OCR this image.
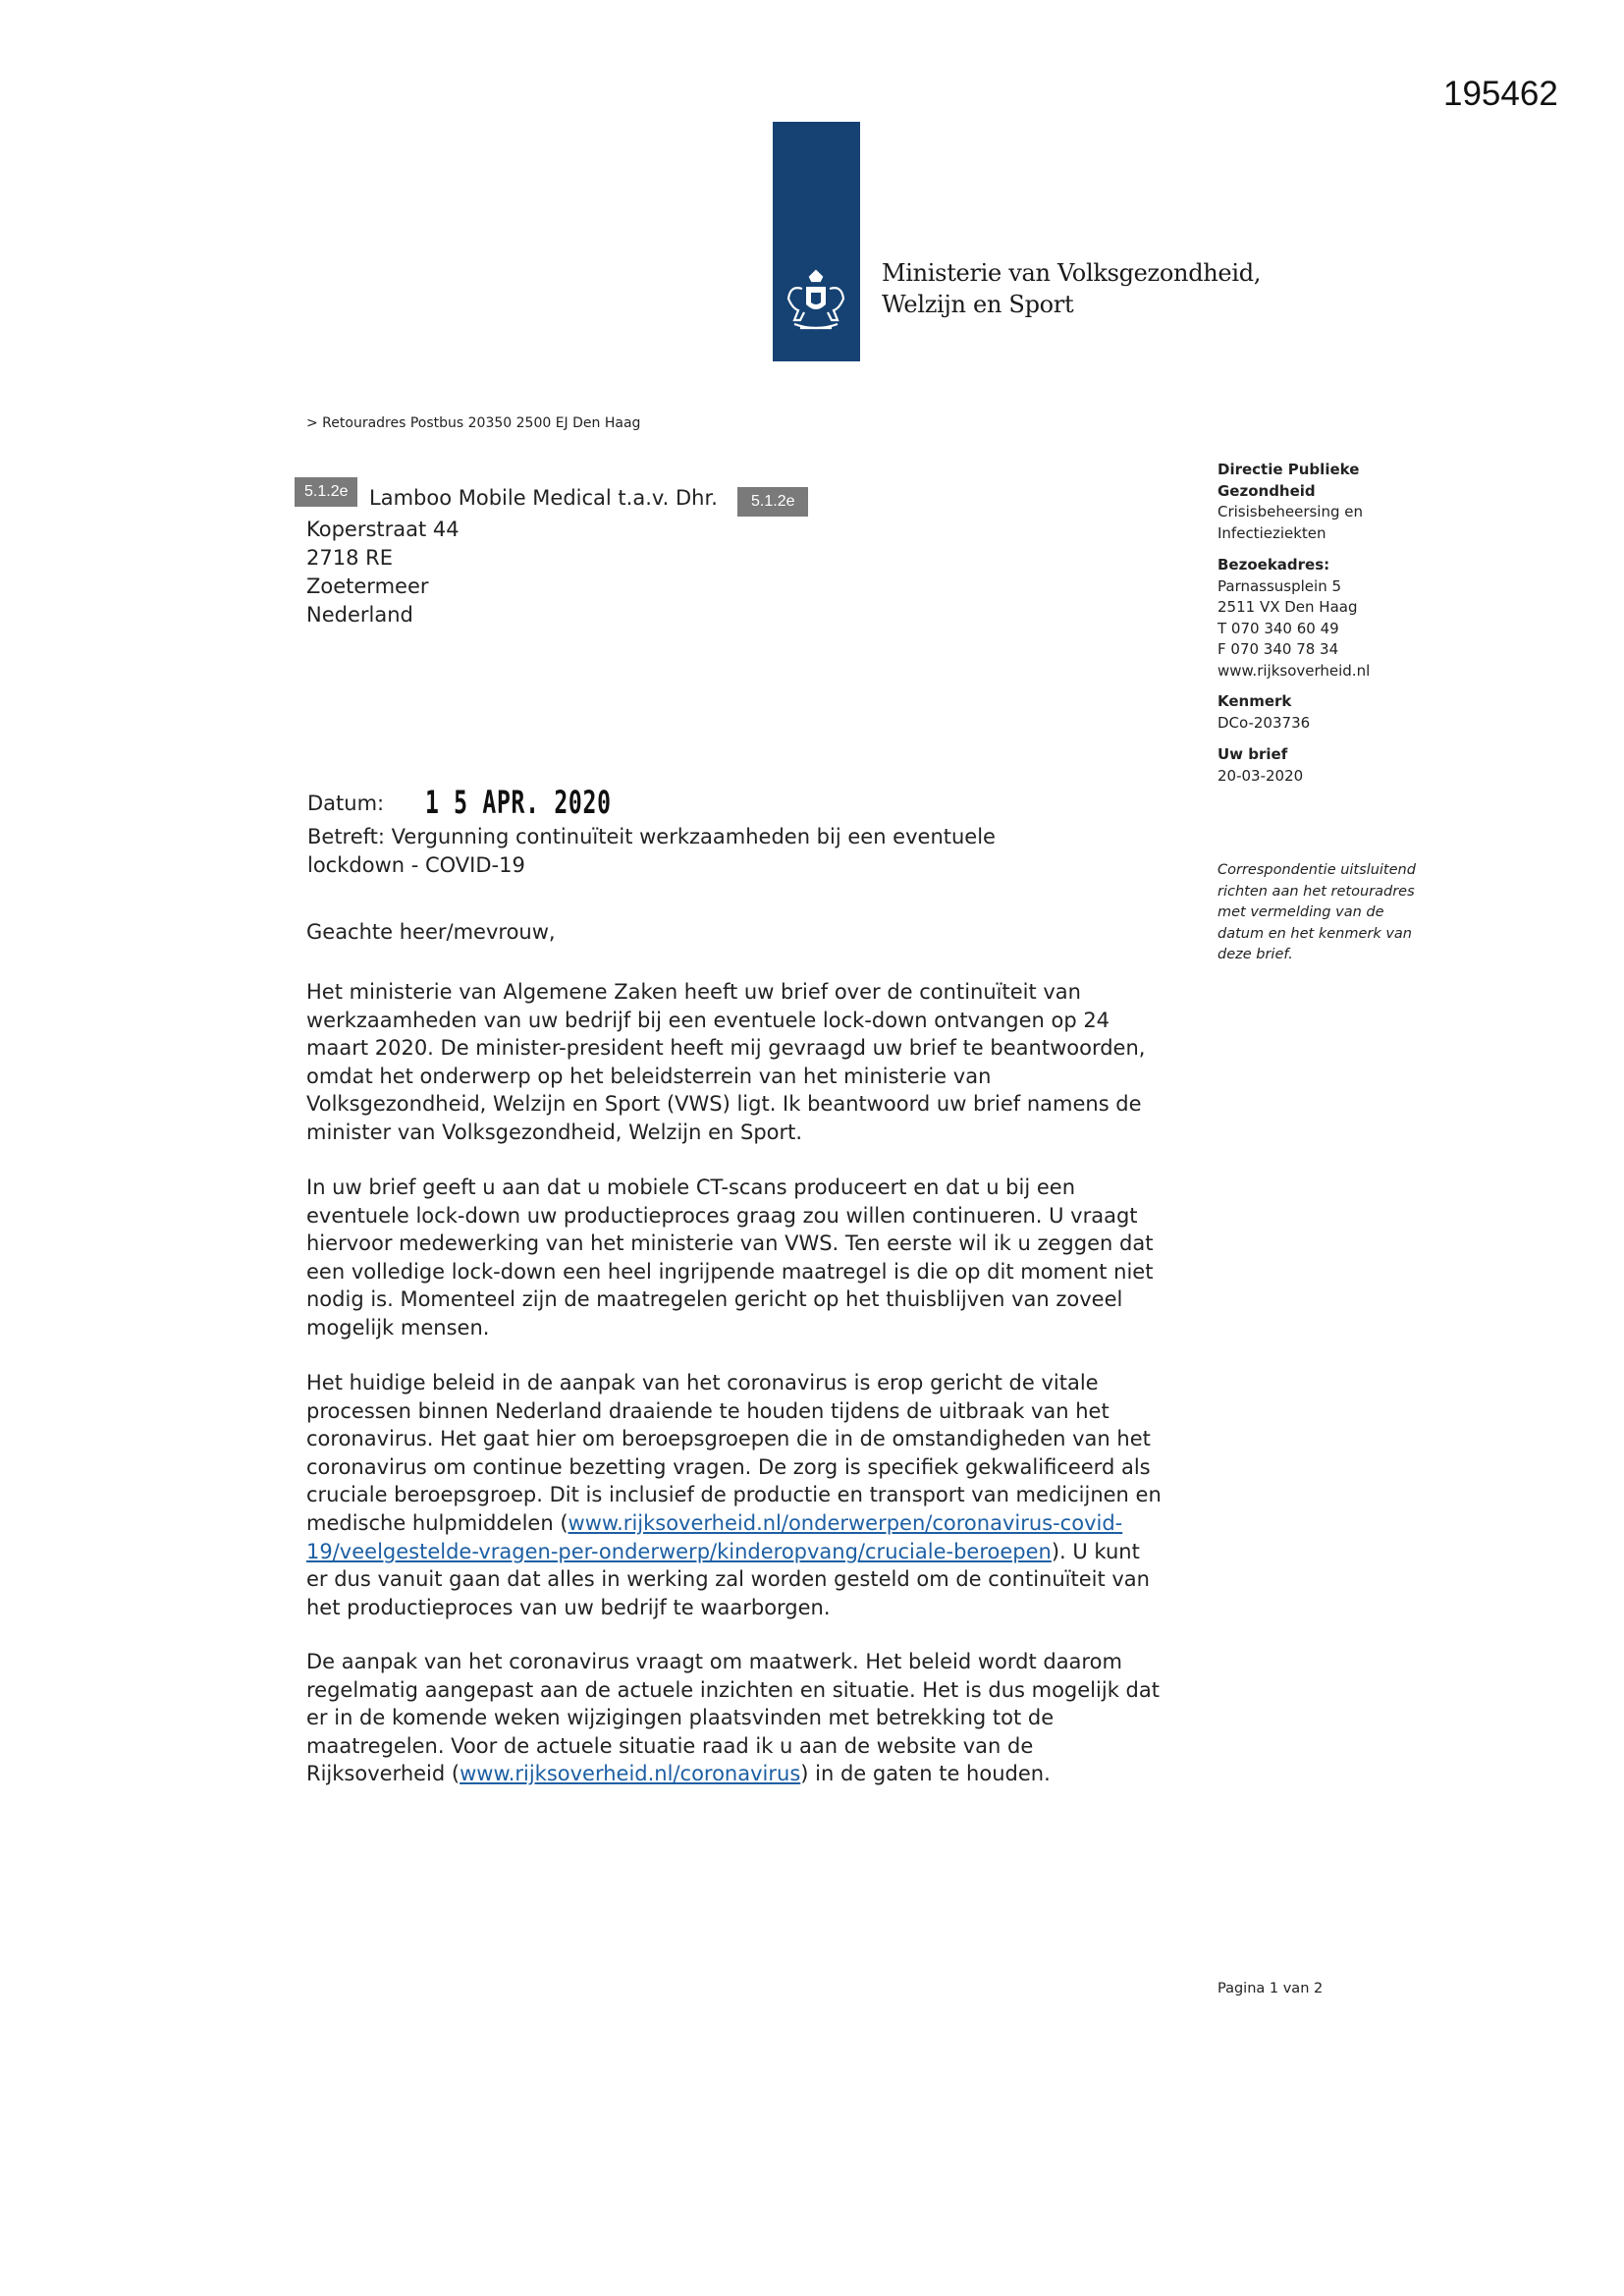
195462
Ministerie van Volksgezondheid,
Welzijn en Sport
> Retouradres Postbus 20350 2500 EJ Den Haag
5.1.2e	Lamboo Mobile Medical t.a.v. Dhr.	5.1.2e
Koperstraat 44
2718 RE
Zoetermeer
Nederland
Directie Publieke
Gezondheid
Crisisbeheersing en
Infectieziekten
Bezoekadres:
Parnassusplein 5
2511 VX Den Haag
T 070 340 60 49
F 070 340 78 34
www.rijksoverheid.nl
Kenmerk
DCo-203736
Uw brief
20-03-2020
Correspondentie uitsluitend
richten aan het retouradres
met vermelding van de
datum en het kenmerk van
deze brief.
Datum: 1 5 APR. 2020
Betreft: Vergunning continuïteit werkzaamheden bij een eventuele
lockdown - COVID-19
Geachte heer/mevrouw,
Het ministerie van Algemene Zaken heeft uw brief over de continuïteit van
werkzaamheden van uw bedrijf bij een eventuele lock-down ontvangen op 24
maart 2020. De minister-president heeft mij gevraagd uw brief te beantwoorden,
omdat het onderwerp op het beleidsterrein van het ministerie van
Volksgezondheid, Welzijn en Sport (VWS) ligt. Ik beantwoord uw brief namens de
minister van Volksgezondheid, Welzijn en Sport.
In uw brief geeft u aan dat u mobiele CT-scans produceert en dat u bij een
eventuele lock-down uw productieproces graag zou willen continueren. U vraagt
hiervoor medewerking van het ministerie van VWS. Ten eerste wil ik u zeggen dat
een volledige lock-down een heel ingrijpende maatregel is die op dit moment niet
nodig is. Momenteel zijn de maatregelen gericht op het thuisblijven van zoveel
mogelijk mensen.
Het huidige beleid in de aanpak van het coronavirus is erop gericht de vitale
processen binnen Nederland draaiende te houden tijdens de uitbraak van het
coronavirus. Het gaat hier om beroepsgroepen die in de omstandigheden van het
coronavirus om continue bezetting vragen. De zorg is specifiek gekwalificeerd als
cruciale beroepsgroep. Dit is inclusief de productie en transport van medicijnen en
medische hulpmiddelen (www.rijksoverheid.nl/onderwerpen/coronavirus-covid-
19/veelgestelde-vragen-per-onderwerp/kinderopvang/cruciale-beroepen). U kunt
er dus vanuit gaan dat alles in werking zal worden gesteld om de continuïteit van
het productieproces van uw bedrijf te waarborgen.
De aanpak van het coronavirus vraagt om maatwerk. Het beleid wordt daarom
regelmatig aangepast aan de actuele inzichten en situatie. Het is dus mogelijk dat
er in de komende weken wijzigingen plaatsvinden met betrekking tot de
maatregelen. Voor de actuele situatie raad ik u aan de website van de
Rijksoverheid (www.rijksoverheid.nl/coronavirus) in de gaten te houden.
Pagina 1 van 2
